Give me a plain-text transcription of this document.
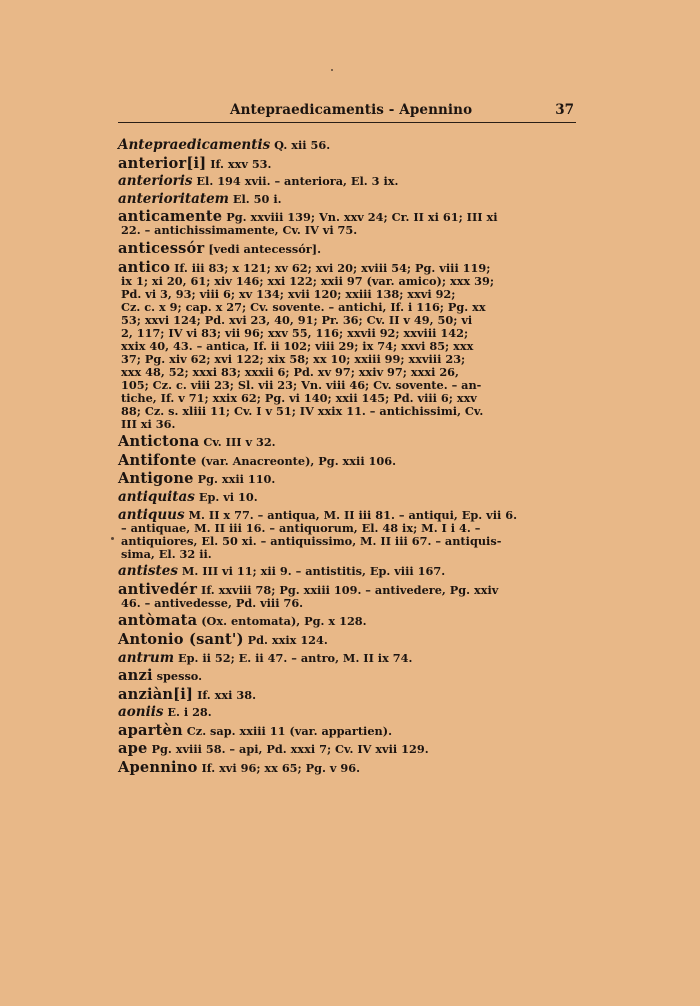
Antepraedicamentis - Apennino	37
Antepraedicamentis Q. xii 56.
anterior[i] If. xxv 53.
anterioris El. 194 xvii. – anteriora, El. 3 ix.
anterioritatem El. 50 i.
anticamente Pg. xxviii 139; Vn. xxv 24; Cr. II xi 61; III xi
22. – antichissimamente, Cv. IV vi 75.
anticessór [vedi antecessór].
antico If. iii 83; x 121; xv 62; xvi 20; xviii 54; Pg. viii 119;
ix 1; xi 20, 61; xiv 146; xxi 122; xxii 97 (var. amico); xxx 39;
Pd. vi 3, 93; viii 6; xv 134; xvii 120; xxiii 138; xxvi 92;
Cz. c. x 9; cap. x 27; Cv. sovente. – antichi, If. i 116; Pg. xx
53; xxvi 124; Pd. xvi 23, 40, 91; Pr. 36; Cv. II v 49, 50; vi
2, 117; IV vi 83; vii 96; xxv 55, 116; xxvii 92; xxviii 142;
xxix 40, 43. – antica, If. ii 102; viii 29; ix 74; xxvi 85; xxx
37; Pg. xiv 62; xvi 122; xix 58; xx 10; xxiii 99; xxviii 23;
xxx 48, 52; xxxi 83; xxxii 6; Pd. xv 97; xxiv 97; xxxi 26,
105; Cz. c. viii 23; Sl. vii 23; Vn. viii 46; Cv. sovente. – an-
tiche, If. v 71; xxix 62; Pg. vi 140; xxii 145; Pd. viii 6; xxv
88; Cz. s. xliii 11; Cv. I v 51; IV xxix 11. – antichissimi, Cv.
III xi 36.
Antictona Cv. III v 32.
Antifonte (var. Anacreonte), Pg. xxii 106.
Antigone Pg. xxii 110.
antiquitas Ep. vi 10.
antiquus M. II x 77. – antiqua, M. II iii 81. – antiqui, Ep. vii 6.
– antiquae, M. II iii 16. – antiquorum, El. 48 ix; M. I i 4. –
antiquiores, El. 50 xi. – antiquissimo, M. II iii 67. – antiquis-
sima, El. 32 ii.
antistes M. III vi 11; xii 9. – antistitis, Ep. viii 167.
antivedér If. xxviii 78; Pg. xxiii 109. – antivedere, Pg. xxiv
46. – antivedesse, Pd. viii 76.
antòmata (Ox. entomata), Pg. x 128.
Antonio (sant') Pd. xxix 124.
antrum Ep. ii 52; E. ii 47. – antro, M. II ix 74.
anzi spesso.
anziàn[i] If. xxi 38.
aoniis E. i 28.
apartèn Cz. sap. xxiii 11 (var. appartien).
ape Pg. xviii 58. – api, Pd. xxxi 7; Cv. IV xvii 129.
Apennino If. xvi 96; xx 65; Pg. v 96.
